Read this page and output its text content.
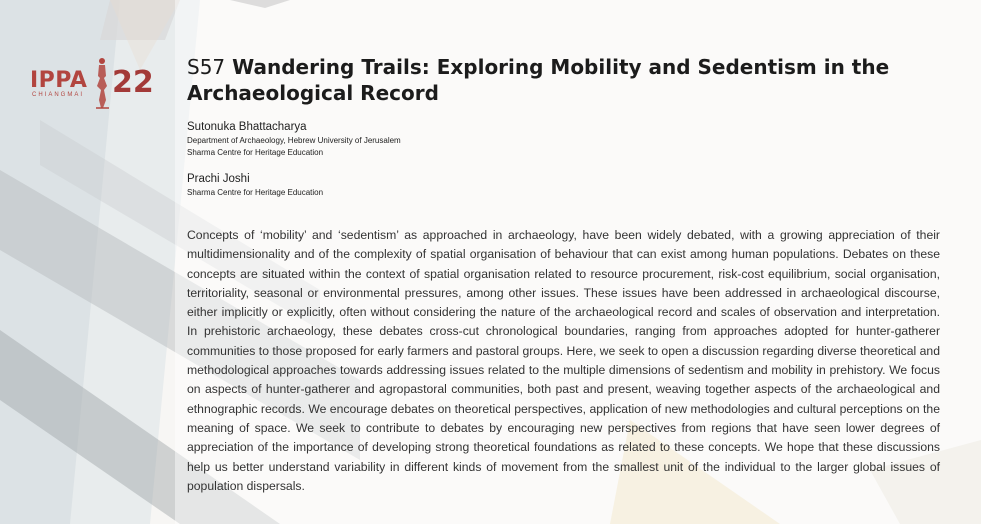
IPPA 22
CHIANGMAI
S57 Wandering Trails: Exploring Mobility and Sedentism in the Archaeological Record
Sutonuka Bhattacharya
Department of Archaeology, Hebrew University of Jerusalem
Sharma Centre for Heritage Education
Prachi Joshi
Sharma Centre for Heritage Education

Concepts of ‘mobility’ and ‘sedentism’ as approached in archaeology, have been widely debated, with a growing appreciation of their multidimensionality and of the complexity of spatial organisation of behaviour that can exist among human populations. Debates on these concepts are situated within the context of spatial organisation related to resource procurement, risk-cost equilibrium, social organisation, territoriality, seasonal or environmental pressures, among other issues. These issues have been addressed in archaeological discourse, either implicitly or explicitly, often without considering the nature of the archaeological record and scales of observation and interpretation. In prehistoric archaeology, these debates cross-cut chronological boundaries, ranging from approaches adopted for hunter-gatherer communities to those proposed for early farmers and pastoral groups. Here, we seek to open a discussion regarding diverse theoretical and methodological approaches towards addressing issues related to the multiple dimensions of sedentism and mobility in prehistory. We focus on aspects of hunter-gatherer and agropastoral communities, both past and present, weaving together aspects of the archaeological and ethnographic records. We encourage debates on theoretical perspectives, application of new methodologies and cultural perceptions on the meaning of space. We seek to contribute to debates by encouraging new perspectives from regions that have seen lower degrees of appreciation of the importance of developing strong theoretical foundations as related to these concepts. We hope that these discussions help us better understand variability in different kinds of movement from the smallest unit of the individual to the larger global issues of population dispersals.
